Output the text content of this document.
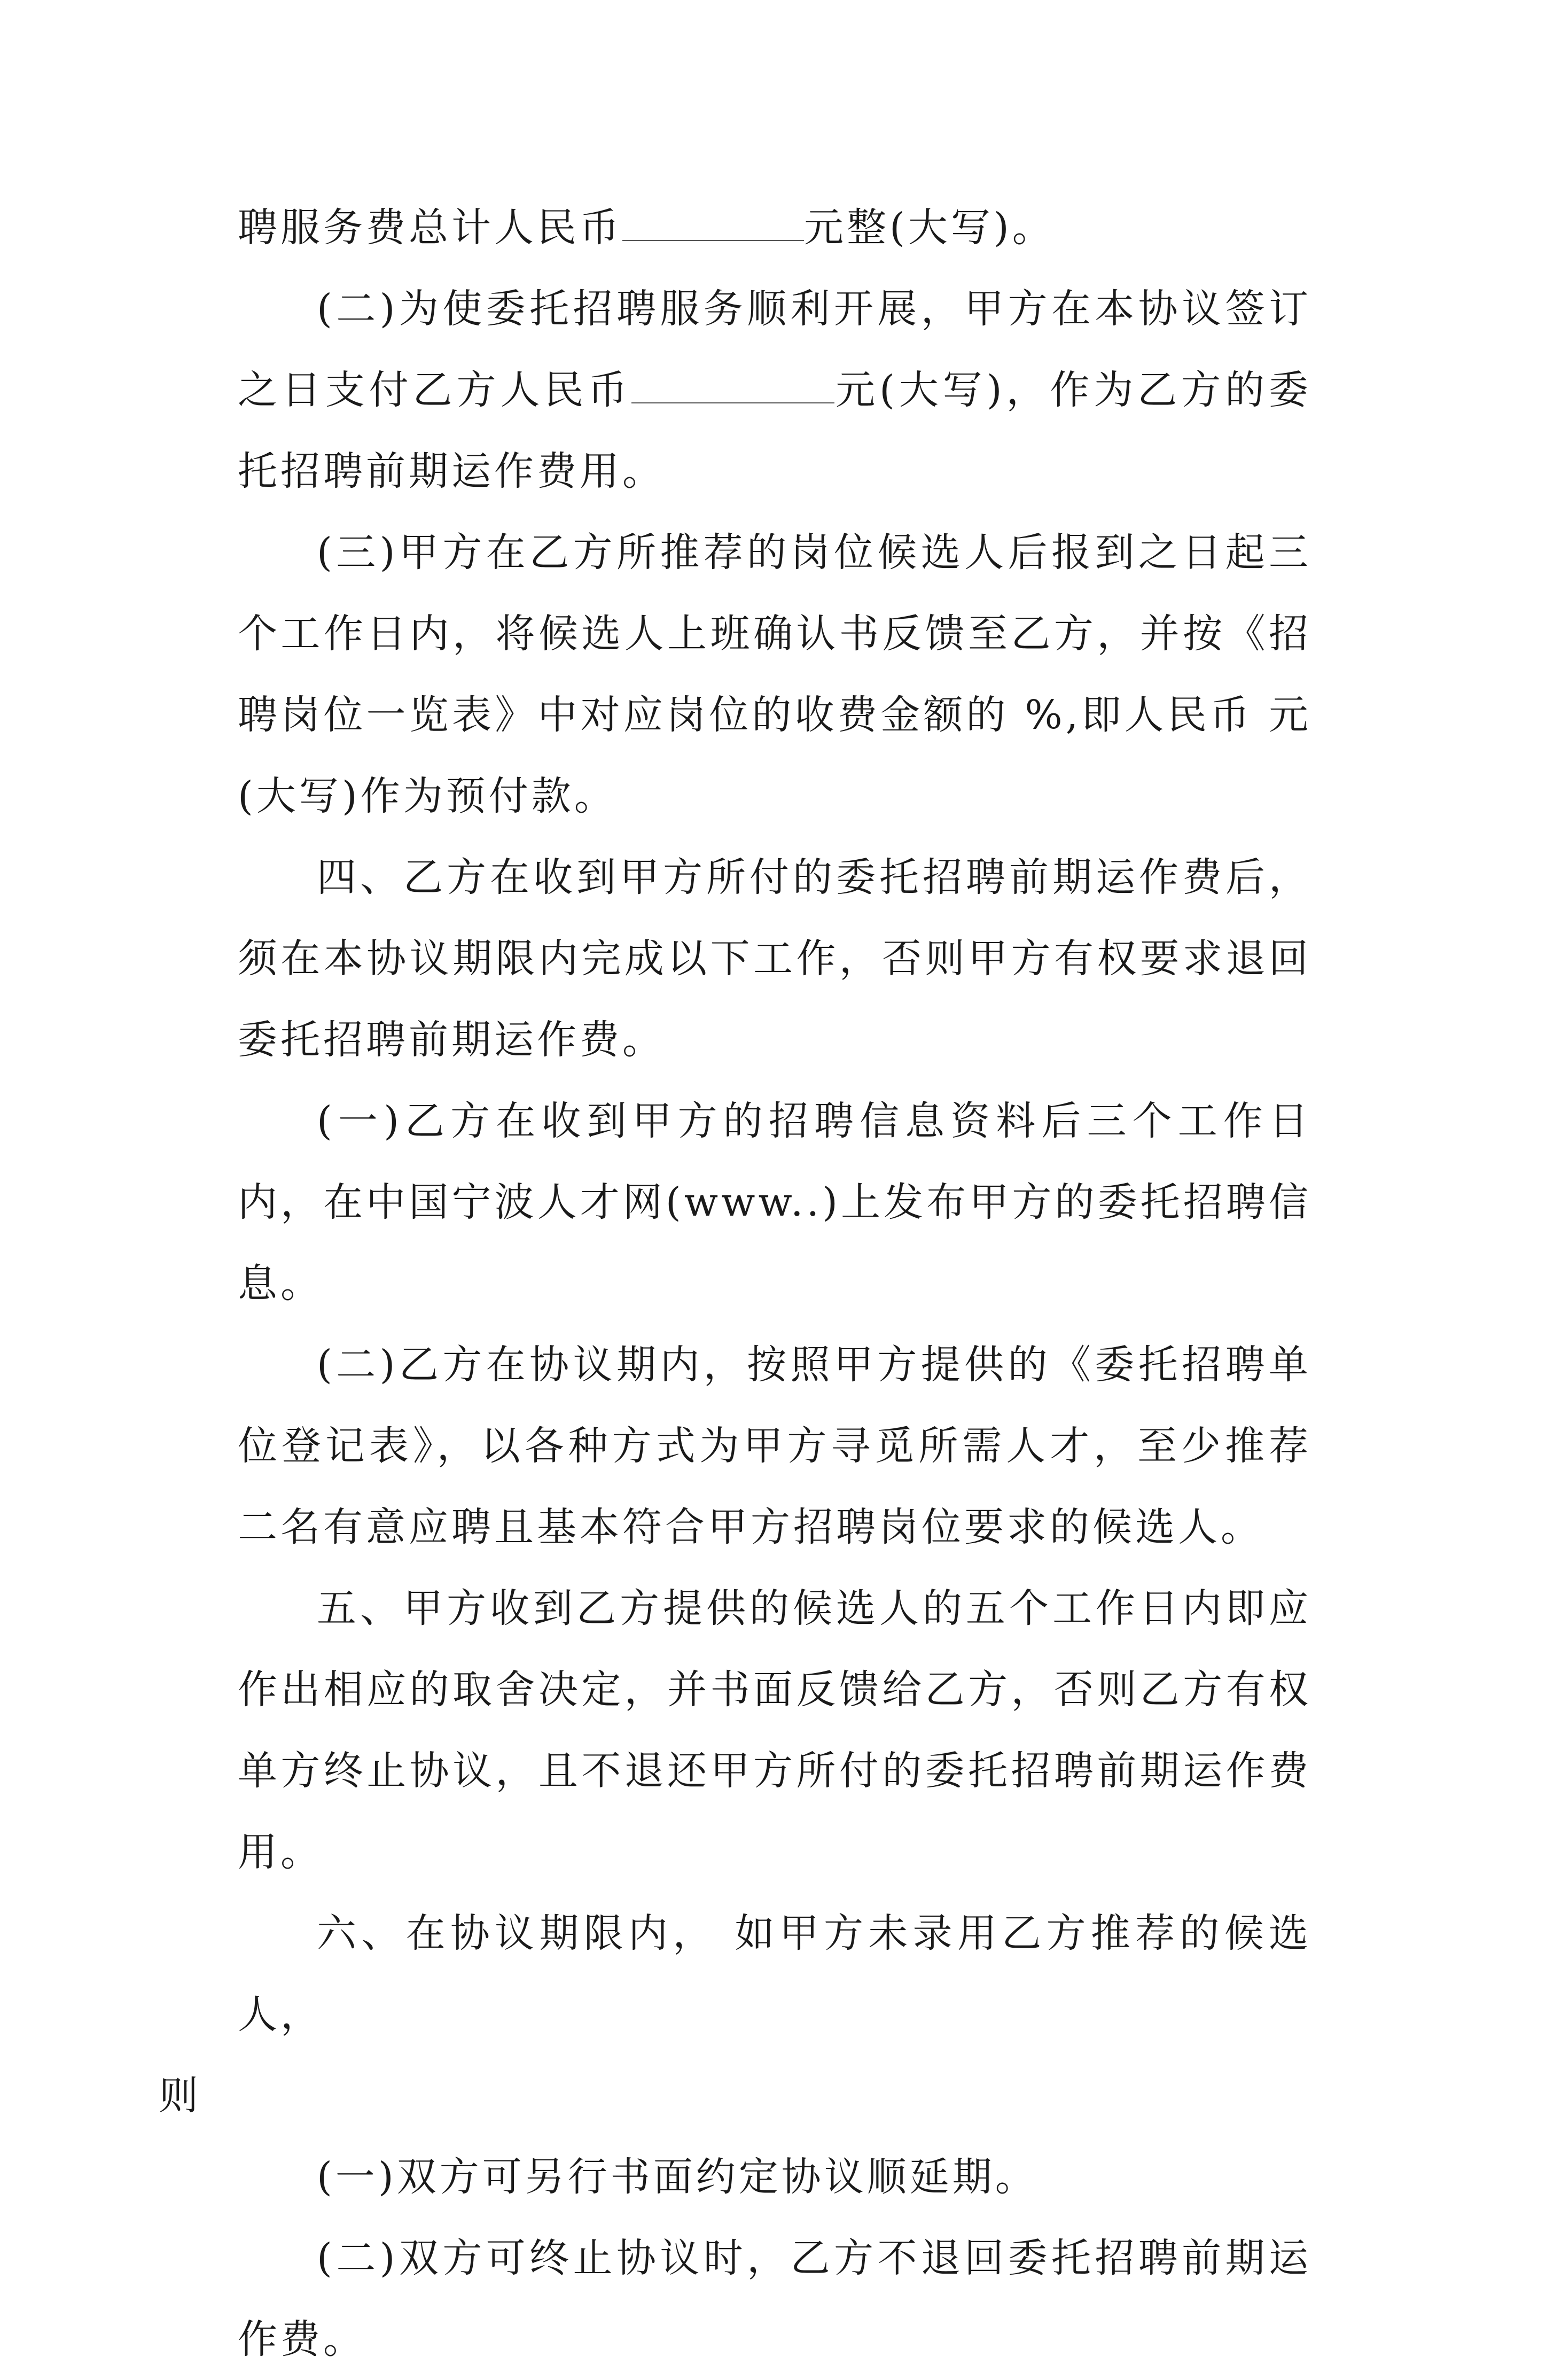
聘服务费总计人民币	元整(大写)。

(二)为使委托招聘服务顺利开展，甲方在本协议签订之日支付乙方人民币	元(大写)，作为乙方的委托招聘前期运作费用。

(三)甲方在乙方所推荐的岗位候选人后报到之日起三个工作日内，将候选人上班确认书反馈至乙方，并按《招聘岗位一览表》中对应岗位的收费金额的 %,即人民币 元(大写)作为预付款。

四、乙方在收到甲方所付的委托招聘前期运作费后，须在本协议期限内完成以下工作，否则甲方有权要求退回委托招聘前期运作费。

(一)乙方在收到甲方的招聘信息资料后三个工作日内，在中国宁波人才网(www..)上发布甲方的委托招聘信息。

(二)乙方在协议期内，按照甲方提供的《委托招聘单位登记表》，以各种方式为甲方寻觅所需人才，至少推荐二名有意应聘且基本符合甲方招聘岗位要求的候选人。

五、甲方收到乙方提供的候选人的五个工作日内即应作出相应的取舍决定，并书面反馈给乙方，否则乙方有权单方终止协议，且不退还甲方所付的委托招聘前期运作费用。

六、在协议期限内， 如甲方未录用乙方推荐的候选人，
则

(一)双方可另行书面约定协议顺延期。

(二)双方可终止协议时，乙方不退回委托招聘前期运作费。
